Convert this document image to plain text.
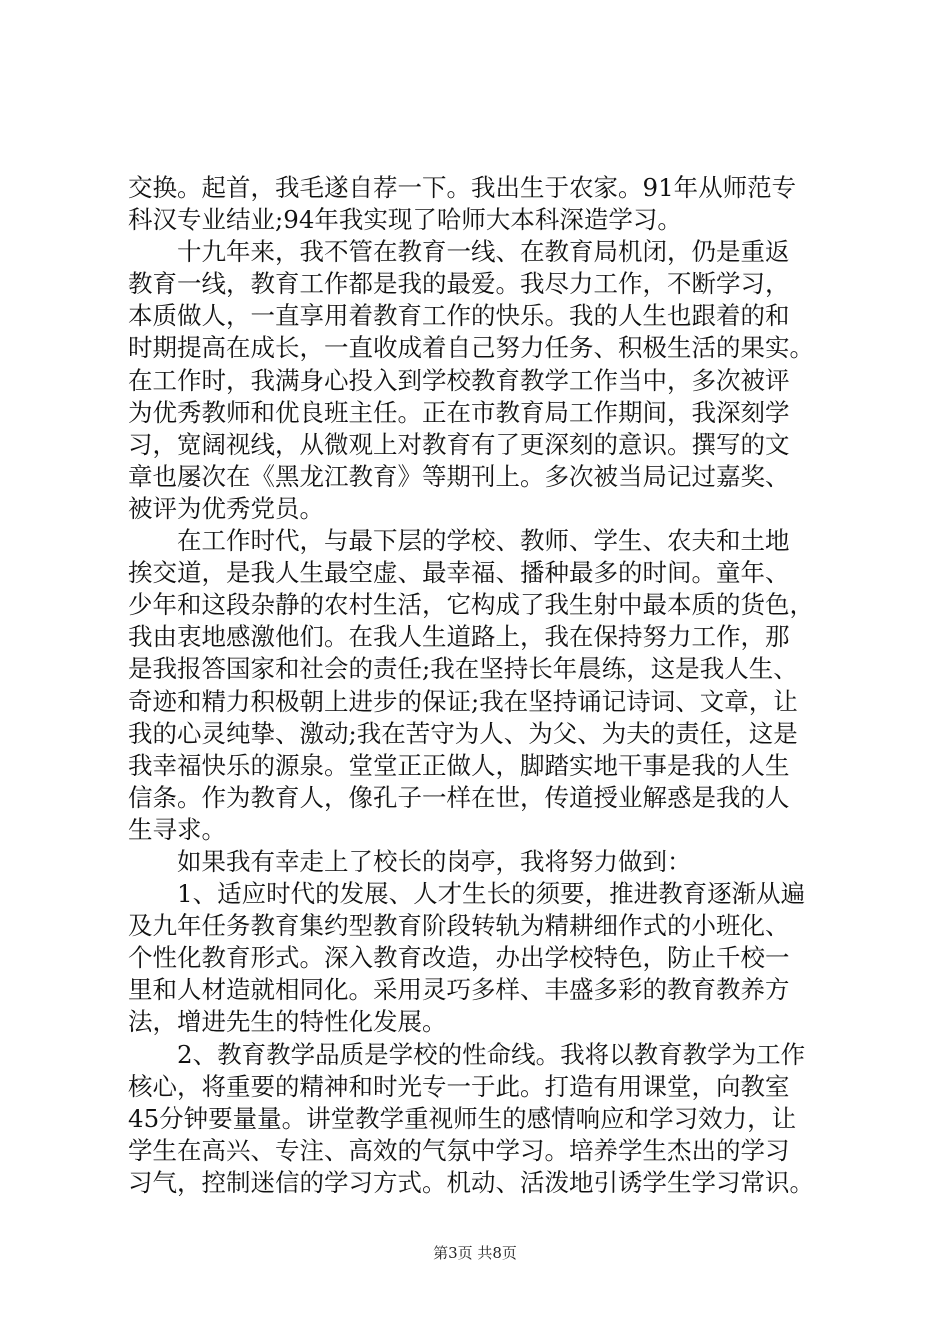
交换。起首，我毛遂自荐一下。我出生于农家。91年从师范专
科汉专业结业;94年我实现了哈师大本科深造学习。
十九年来，我不管在教育一线、在教育局机闭，仍是重返
教育一线，教育工作都是我的最爱。我尽力工作，不断学习，
本质做人，一直享用着教育工作的快乐。我的人生也跟着的和
时期提高在成长，一直收成着自己努力任务、积极生活的果实。
在工作时，我满身心投入到学校教育教学工作当中，多次被评
为优秀教师和优良班主任。正在市教育局工作期间，我深刻学
习，宽阔视线，从微观上对教育有了更深刻的意识。撰写的文
章也屡次在《黑龙江教育》等期刊上。多次被当局记过嘉奖、
被评为优秀党员。
在工作时代，与最下层的学校、教师、学生、农夫和土地
挨交道，是我人生最空虚、最幸福、播种最多的时间。童年、
少年和这段杂静的农村生活，它构成了我生射中最本质的货色，
我由衷地感激他们。在我人生道路上，我在保持努力工作，那
是我报答国家和社会的责任;我在坚持长年晨练，这是我人生、
奇迹和精力积极朝上进步的保证;我在坚持诵记诗词、文章，让
我的心灵纯挚、激动;我在苦守为人、为父、为夫的责任，这是
我幸福快乐的源泉。堂堂正正做人，脚踏实地干事是我的人生
信条。作为教育人，像孔子一样在世，传道授业解惑是我的人
生寻求。
如果我有幸走上了校长的岗亭，我将努力做到：
1、适应时代的发展、人才生长的须要，推进教育逐渐从遍
及九年任务教育集约型教育阶段转轨为精耕细作式的小班化、
个性化教育形式。深入教育改造，办出学校特色，防止千校一
里和人材造就相同化。采用灵巧多样、丰盛多彩的教育教养方
法，增进先生的特性化发展。
2、教育教学品质是学校的性命线。我将以教育教学为工作
核心，将重要的精神和时光专一于此。打造有用课堂，向教室
45分钟要量量。讲堂教学重视师生的感情响应和学习效力，让
学生在高兴、专注、高效的气氛中学习。培养学生杰出的学习
习气，控制迷信的学习方式。机动、活泼地引诱学生学习常识。
第3页 共8页
